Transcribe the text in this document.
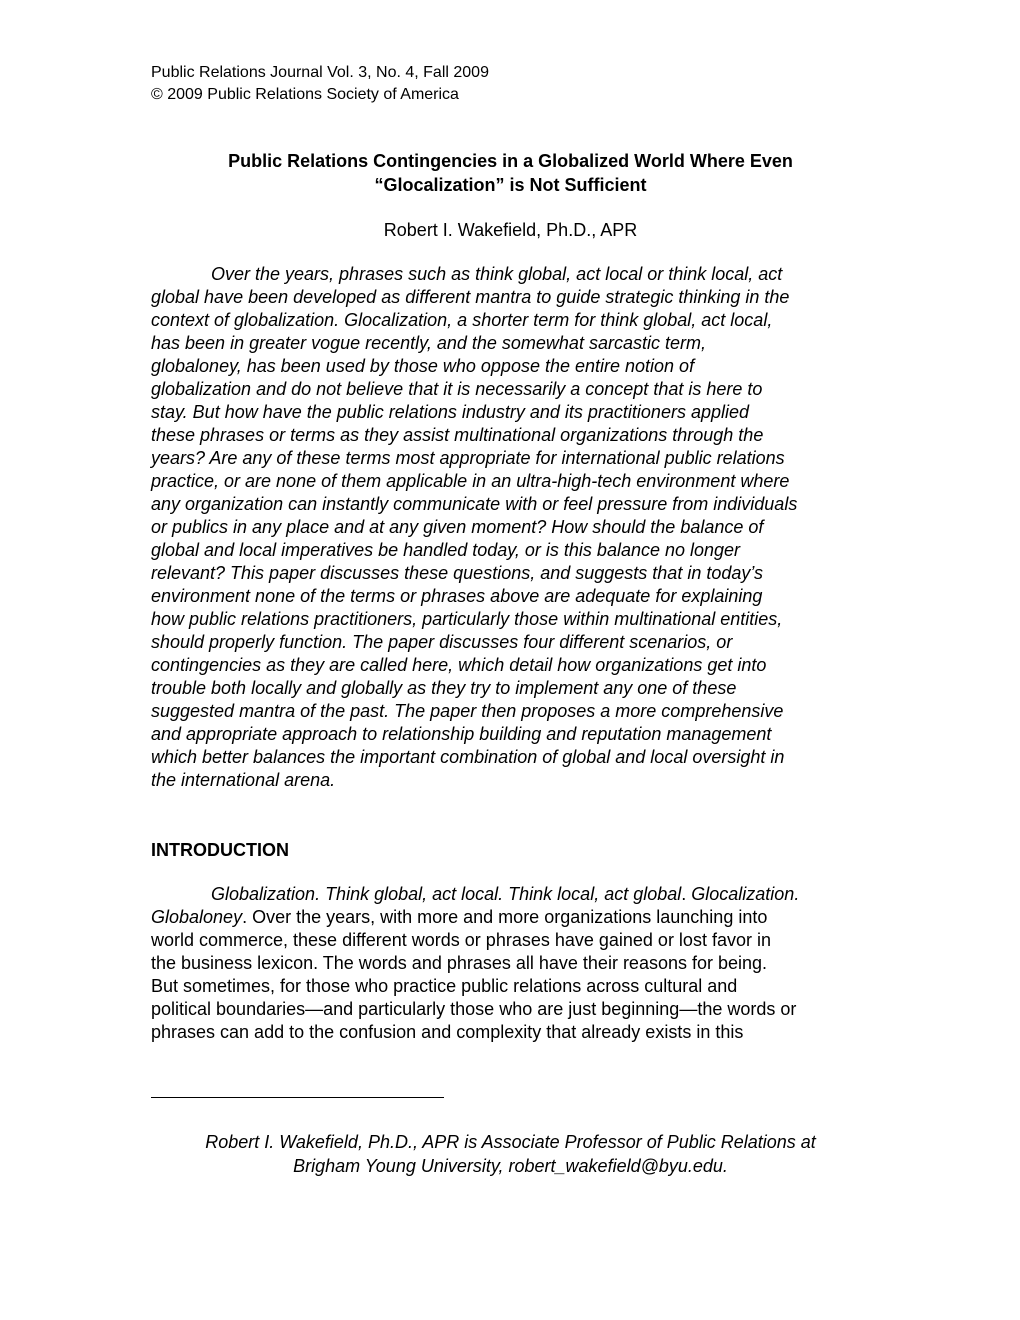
Public Relations Journal Vol. 3, No. 4, Fall 2009
© 2009 Public Relations Society of America
Public Relations Contingencies in a Globalized World Where Even
“Glocalization” is Not Sufficient
Robert I. Wakefield, Ph.D., APR
Over the years, phrases such as think global, act local or think local, act
global have been developed as different mantra to guide strategic thinking in the
context of globalization. Glocalization, a shorter term for think global, act local,
has been in greater vogue recently, and the somewhat sarcastic term,
globaloney, has been used by those who oppose the entire notion of
globalization and do not believe that it is necessarily a concept that is here to
stay. But how have the public relations industry and its practitioners applied
these phrases or terms as they assist multinational organizations through the
years? Are any of these terms most appropriate for international public relations
practice, or are none of them applicable in an ultra-high-tech environment where
any organization can instantly communicate with or feel pressure from individuals
or publics in any place and at any given moment? How should the balance of
global and local imperatives be handled today, or is this balance no longer
relevant? This paper discusses these questions, and suggests that in today’s
environment none of the terms or phrases above are adequate for explaining
how public relations practitioners, particularly those within multinational entities,
should properly function. The paper discusses four different scenarios, or
contingencies as they are called here, which detail how organizations get into
trouble both locally and globally as they try to implement any one of these
suggested mantra of the past. The paper then proposes a more comprehensive
and appropriate approach to relationship building and reputation management
which better balances the important combination of global and local oversight in
the international arena.
INTRODUCTION
Globalization. Think global, act local. Think local, act global. Glocalization.
Globaloney. Over the years, with more and more organizations launching into
world commerce, these different words or phrases have gained or lost favor in
the business lexicon. The words and phrases all have their reasons for being.
But sometimes, for those who practice public relations across cultural and
political boundaries—and particularly those who are just beginning—the words or
phrases can add to the confusion and complexity that already exists in this
Robert I. Wakefield, Ph.D., APR is Associate Professor of Public Relations at
Brigham Young University, robert_wakefield@byu.edu.
